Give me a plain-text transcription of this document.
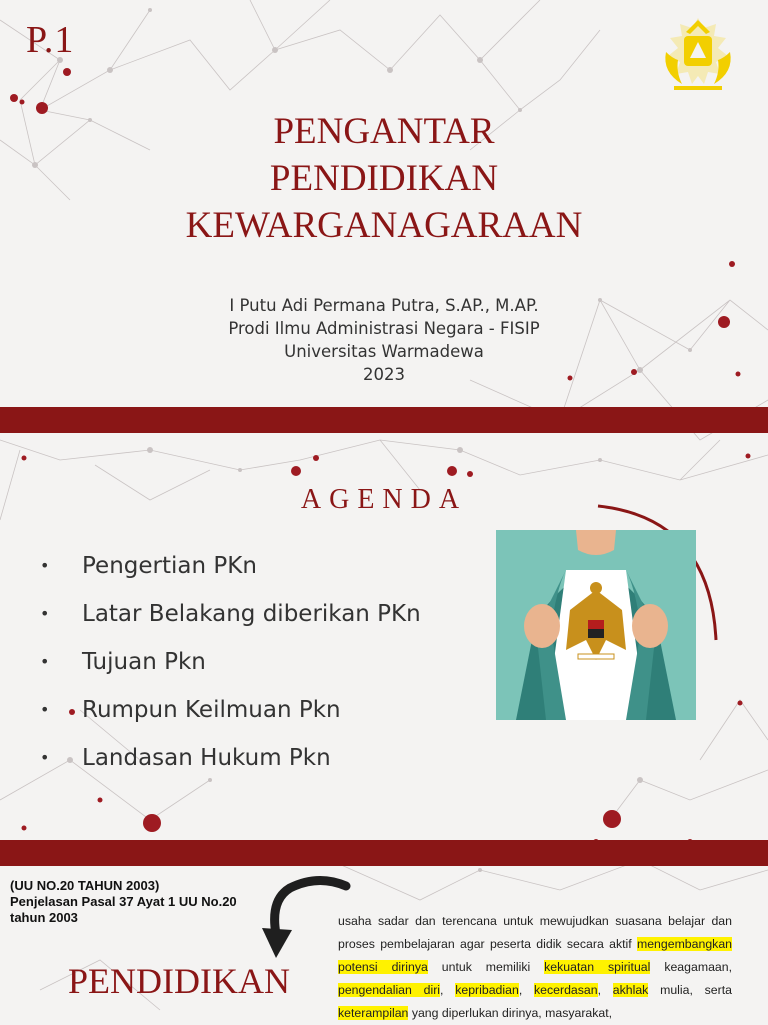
P.1
PENGANTAR
PENDIDIKAN
KEWARGANAGARAAN
I Putu Adi Permana Putra, S.AP., M.AP.
Prodi Ilmu Administrasi Negara - FISIP
Universitas Warmadewa
2023
AGENDA
•	Pengertian PKn
•	Latar Belakang diberikan PKn
•	Tujuan Pkn
•	Rumpun Keilmuan Pkn
•	Landasan Hukum Pkn
(UU NO.20 TAHUN 2003)
Penjelasan Pasal 37 Ayat 1 UU No.20
tahun 2003
PENDIDIKAN
usaha sadar dan terencana untuk mewujudkan suasana belajar dan proses pembelajaran agar peserta didik secara aktif mengembangkan potensi dirinya untuk memiliki kekuatan spiritual keagamaan, pengendalian diri, kepribadian, kecerdasan, akhlak mulia, serta keterampilan yang diperlukan dirinya, masyarakat,
